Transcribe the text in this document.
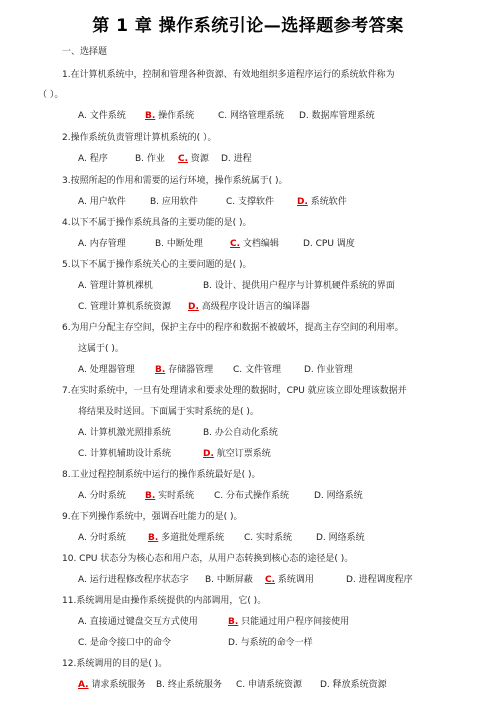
第 1 章 操作系统引论—选择题参考答案
一、选择题
1.在计算机系统中，控制和管理各种资源、有效地组织多道程序运行的系统软件称为
（ ）。
A. 文件系统 B. 操作系统	C. 网络管理系统 D. 数据库管理系统
2.操作系统负责管理计算机系统的( ）。
A. 程序	B. 作业 C. 资源 D. 进程
3.按照所起的作用和需要的运行环境，操作系统属于( )。
A. 用户软件	B. 应用软件	C. 支撑软件	D. 系统软件
4.以下不属于操作系统具备的主要功能的是( )。
A. 内存管理	B. 中断处理	C. 文档编辑	D. CPU 调度
5.以下不属于操作系统关心的主要问题的是( )。
A. 管理计算机裸机	B. 设计、提供用户程序与计算机硬件系统的界面
C. 管理计算机系统资源 D. 高级程序设计语言的编译器
6.为用户分配主存空间，保护主存中的程序和数据不被破坏，提高主存空间的利用率。
这属于( )。
A. 处理器管理 B. 存储器管理 C. 文件管理	D. 作业管理
7.在实时系统中，一旦有处理请求和要求处理的数据时，CPU 就应该立即处理该数据并
将结果及时送回。下面属于实时系统的是( )。
A. 计算机激光照排系统	B. 办公自动化系统
C. 计算机辅助设计系统	D. 航空订票系统
8.工业过程控制系统中运行的操作系统最好是( )。
A. 分时系统 B. 实时系统 C. 分布式操作系统	D. 网络系统
9.在下列操作系统中，强调吞吐能力的是( )。
A. 分时系统 B. 多道批处理系统 C. 实时系统	D. 网络系统
10. CPU 状态分为核心态和用户态，从用户态转换到核心态的途径是( )。
A. 运行进程修改程序状态字 B. 中断屏蔽 C. 系统调用	D. 进程调度程序
11.系统调用是由操作系统提供的内部调用，它( )。
A. 直接通过键盘交互方式使用	B. 只能通过用户程序间接使用
C. 是命令接口中的命令	D. 与系统的命令一样
12.系统调用的目的是( )。
A. 请求系统服务 B. 终止系统服务 C. 申请系统资源 D. 释放系统资源
